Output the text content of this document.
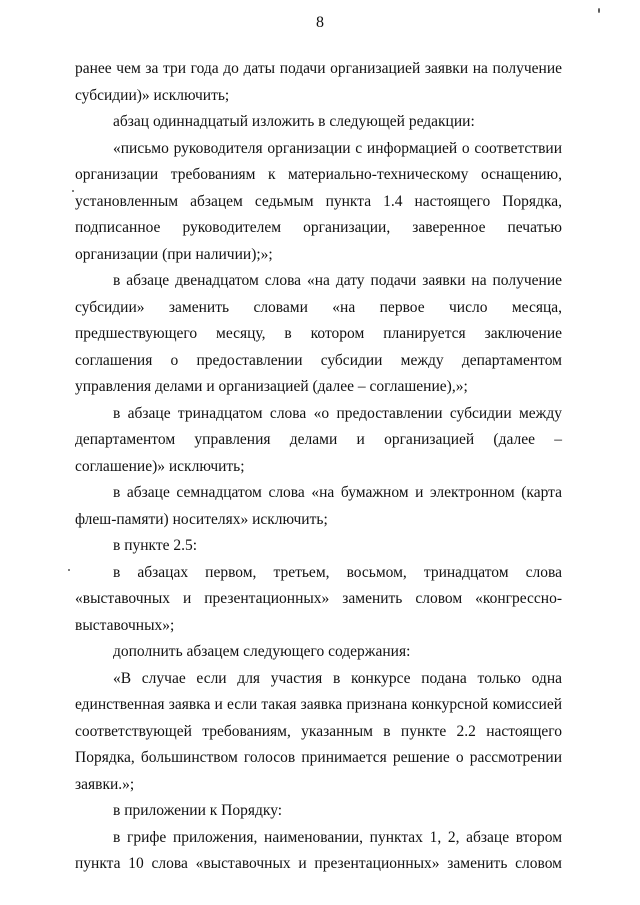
8

ранее чем за три года до даты подачи организацией заявки на получение субсидии)» исключить;

абзац одиннадцатый изложить в следующей редакции:

«письмо руководителя организации с информацией о соответствии организации требованиям к материально-техническому оснащению, установленным абзацем седьмым пункта 1.4 настоящего Порядка, подписанное руководителем организации, заверенное печатью организации (при наличии);»;

в абзаце двенадцатом слова «на дату подачи заявки на получение субсидии» заменить словами «на первое число месяца, предшествующего месяцу, в котором планируется заключение соглашения о предоставлении субсидии между департаментом управления делами и организацией (далее – соглашение),»;

в абзаце тринадцатом слова «о предоставлении субсидии между департаментом управления делами и организацией (далее – соглашение)» исключить;

в абзаце семнадцатом слова «на бумажном и электронном (карта флеш-памяти) носителях» исключить;

в пункте 2.5:

в абзацах первом, третьем, восьмом, тринадцатом слова «выставочных и презентационных» заменить словом «конгрессно-выставочных»;

дополнить абзацем следующего содержания:

«В случае если для участия в конкурсе подана только одна единственная заявка и если такая заявка признана конкурсной комиссией соответствующей требованиям, указанным в пункте 2.2 настоящего Порядка, большинством голосов принимается решение о рассмотрении заявки.»;

в приложении к Порядку:

в грифе приложения, наименовании, пунктах 1, 2, абзаце втором пункта 10 слова «выставочных и презентационных» заменить словом
